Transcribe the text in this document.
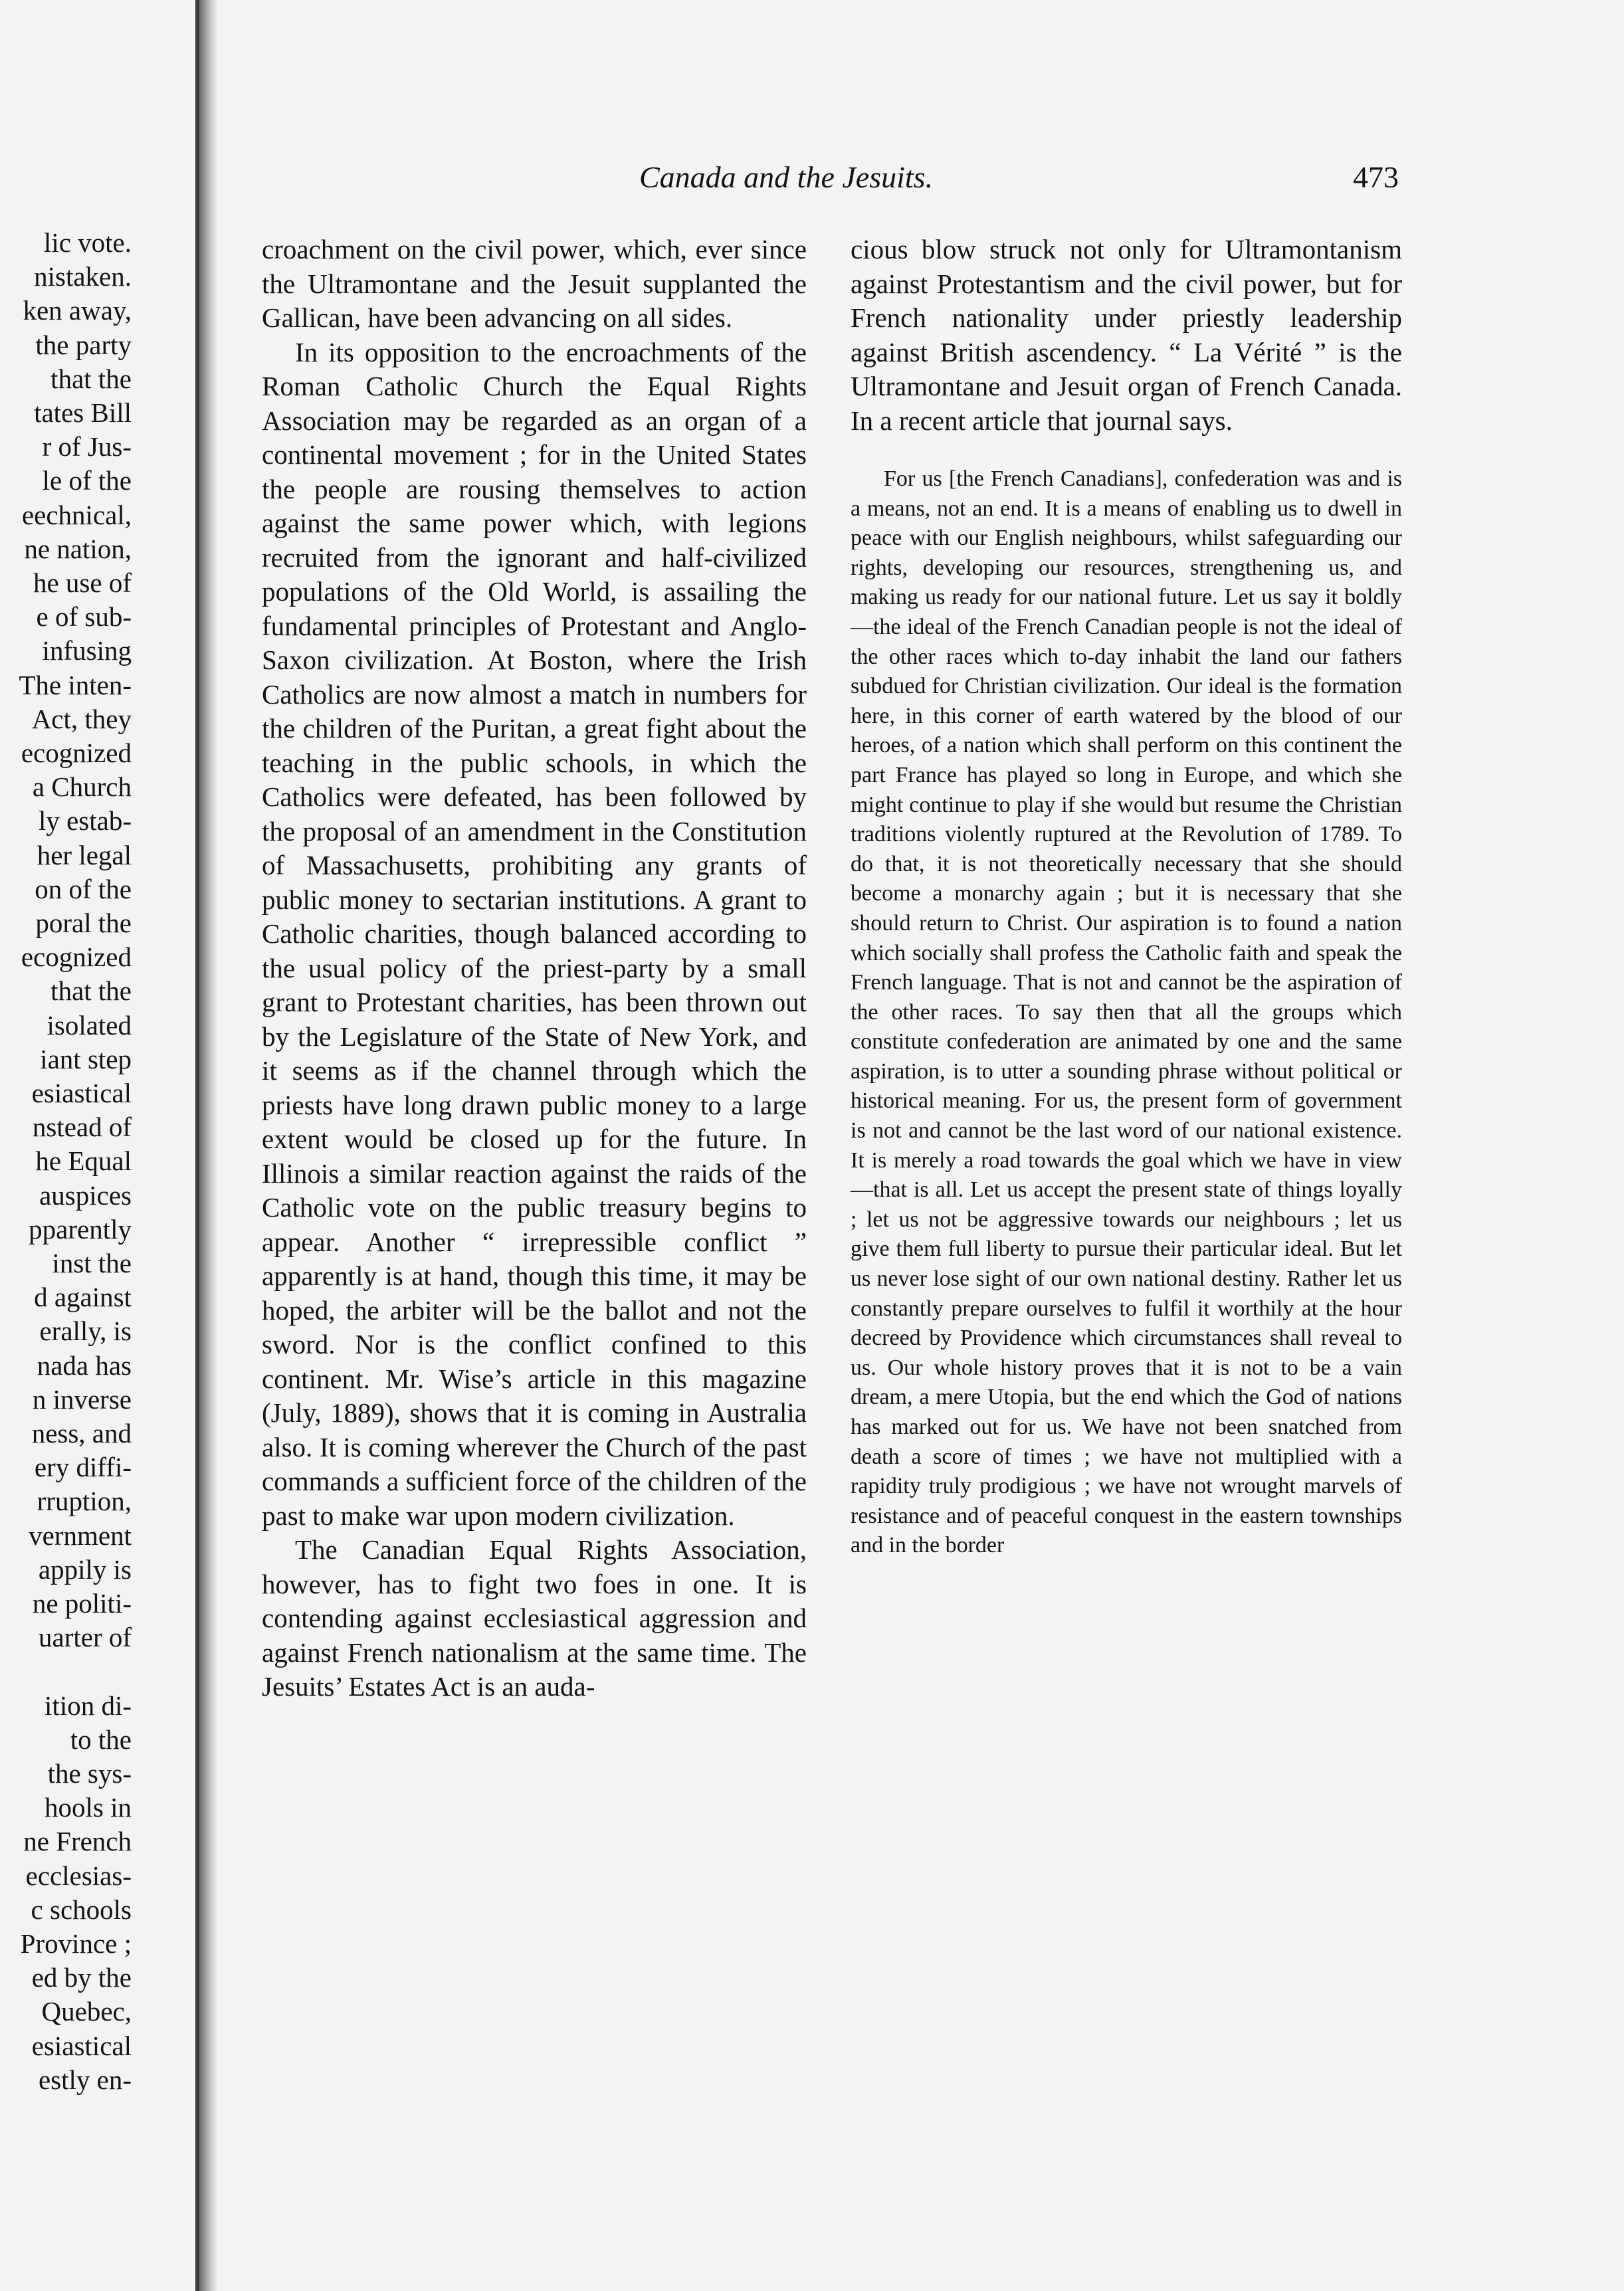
lic vote.
nistaken.
ken away,
the party
that the
tates Bill
r of Jus-
le of the
eechnical,
ne nation,
he use of
e of sub-
infusing
The inten-
Act, they
ecognized
a Church
ly estab-
her legal
on of the
poral the
ecognized
that the
isolated
iant step
esiastical
nstead of
he Equal
auspices
pparently
inst the
d against
erally, is
nada has
n inverse
ness, and
ery diffi-
rruption,
vernment
appily is
ne politi-
uarter of
ition di-
to the
the sys-
hools in
ne French
ecclesias-
c schools
Province ;
ed by the
Quebec,
esiastical
estly en-
Canada and the Jesuits.	473

croachment on the civil power, which, ever since the Ultramontane and the Jesuit supplanted the Gallican, have been advancing on all sides.

In its opposition to the encroachments of the Roman Catholic Church the Equal Rights Association may be regarded as an organ of a continental movement ; for in the United States the people are rousing themselves to action against the same power which, with legions recruited from the ignorant and half-civilized populations of the Old World, is assailing the fundamental principles of Protestant and Anglo-Saxon civilization. At Boston, where the Irish Catholics are now almost a match in numbers for the children of the Puritan, a great fight about the teaching in the public schools, in which the Catholics were defeated, has been followed by the proposal of an amendment in the Constitution of Massachusetts, prohibiting any grants of public money to sectarian institutions. A grant to Catholic charities, though balanced according to the usual policy of the priest-party by a small grant to Protestant charities, has been thrown out by the Legislature of the State of New York, and it seems as if the channel through which the priests have long drawn public money to a large extent would be closed up for the future. In Illinois a similar reaction against the raids of the Catholic vote on the public treasury begins to appear. Another “ irrepressible conflict ” apparently is at hand, though this time, it may be hoped, the arbiter will be the ballot and not the sword. Nor is the conflict confined to this continent. Mr. Wise’s article in this magazine (July, 1889), shows that it is coming in Australia also. It is coming wherever the Church of the past commands a sufficient force of the children of the past to make war upon modern civilization.

The Canadian Equal Rights Association, however, has to fight two foes in one. It is contending against ecclesiastical aggression and against French nationalism at the same time. The Jesuits’ Estates Act is an auda-

cious blow struck not only for Ultramontanism against Protestantism and the civil power, but for French nationality under priestly leadership against British ascendency. “ La Vérité ” is the Ultramontane and Jesuit organ of French Canada. In a recent article that journal says.

For us [the French Canadians], confederation was and is a means, not an end. It is a means of enabling us to dwell in peace with our English neighbours, whilst safeguarding our rights, developing our resources, strengthening us, and making us ready for our national future. Let us say it boldly—the ideal of the French Canadian people is not the ideal of the other races which to-day inhabit the land our fathers subdued for Christian civilization. Our ideal is the formation here, in this corner of earth watered by the blood of our heroes, of a nation which shall perform on this continent the part France has played so long in Europe, and which she might continue to play if she would but resume the Christian traditions violently ruptured at the Revolution of 1789. To do that, it is not theoretically necessary that she should become a monarchy again ; but it is necessary that she should return to Christ. Our aspiration is to found a nation which socially shall profess the Catholic faith and speak the French language. That is not and cannot be the aspiration of the other races. To say then that all the groups which constitute confederation are animated by one and the same aspiration, is to utter a sounding phrase without political or historical meaning. For us, the present form of government is not and cannot be the last word of our national existence. It is merely a road towards the goal which we have in view—that is all. Let us accept the present state of things loyally ; let us not be aggressive towards our neighbours ; let us give them full liberty to pursue their particular ideal. But let us never lose sight of our own national destiny. Rather let us constantly prepare ourselves to fulfil it worthily at the hour decreed by Providence which circumstances shall reveal to us. Our whole history proves that it is not to be a vain dream, a mere Utopia, but the end which the God of nations has marked out for us. We have not been snatched from death a score of times ; we have not multiplied with a rapidity truly prodigious ; we have not wrought marvels of resistance and of peaceful conquest in the eastern townships and in the border
